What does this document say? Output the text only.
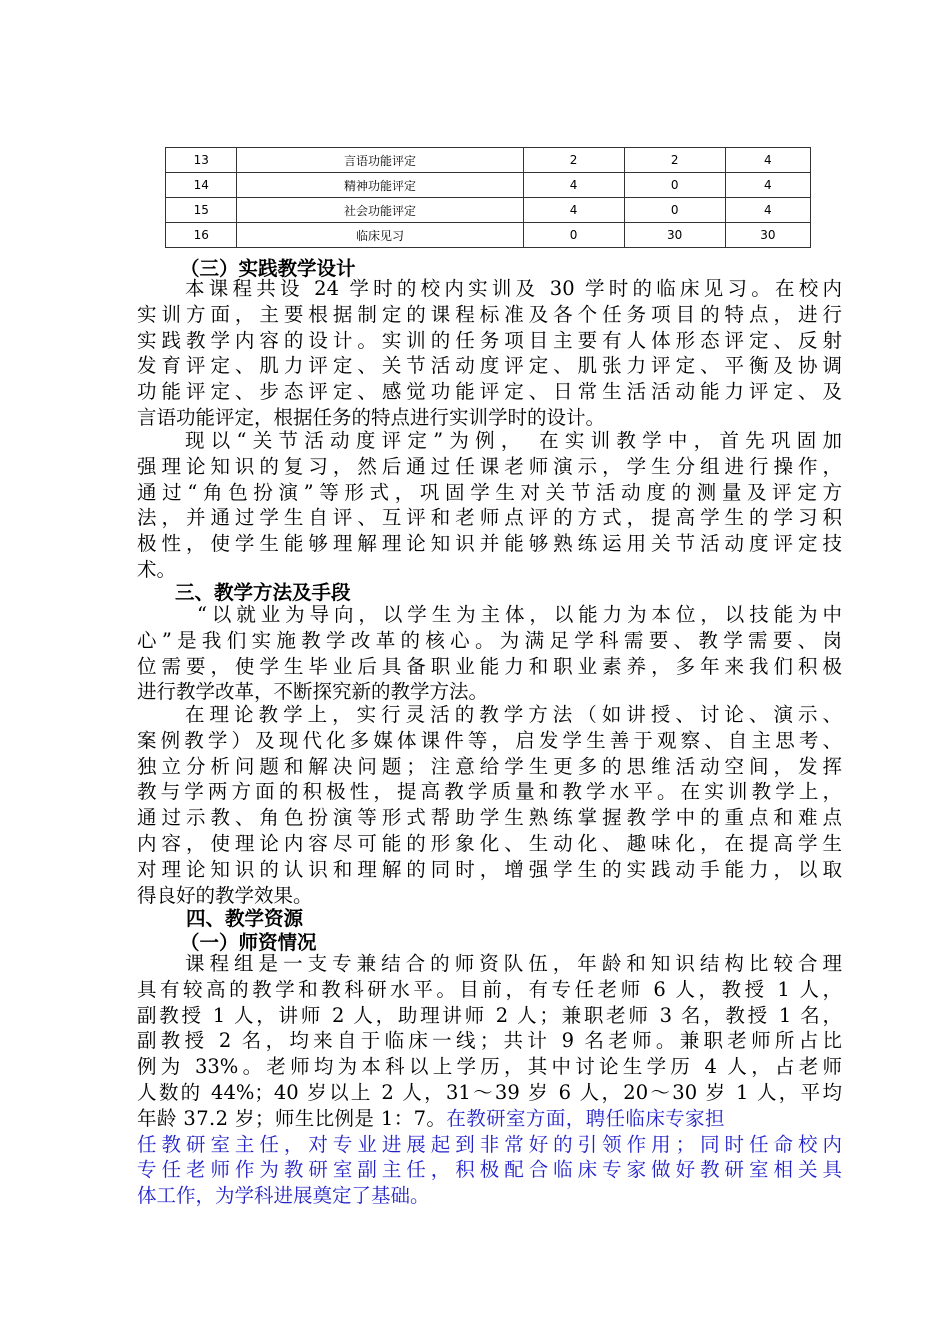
13	言语功能评定	2	2	4
14	精神功能评定	4	0	4
15	社会功能评定	4	0	4
16	临床见习	0	30	30
（三）实践教学设计
本课程共设 24 学时的校内实训及 30 学时的临床见习。在校内
实训方面，主要根据制定的课程标准及各个任务项目的特点，进行
实践教学内容的设计。实训的任务项目主要有人体形态评定、反射
发育评定、肌力评定、关节活动度评定、肌张力评定、平衡及协调
功能评定、步态评定、感觉功能评定、日常生活活动能力评定、及
言语功能评定，根据任务的特点进行实训学时的设计。
现以“关节活动度评定”为例， 在实训教学中，首先巩固加
强理论知识的复习，然后通过任课老师演示，学生分组进行操作，
通过“角色扮演”等形式，巩固学生对关节活动度的测量及评定方
法，并通过学生自评、互评和老师点评的方式，提高学生的学习积
极性，使学生能够理解理论知识并能够熟练运用关节活动度评定技
术。
三、教学方法及手段
“以就业为导向，以学生为主体，以能力为本位，以技能为中
心”是我们实施教学改革的核心。为满足学科需要、教学需要、岗
位需要，使学生毕业后具备职业能力和职业素养，多年来我们积极
进行教学改革，不断探究新的教学方法。
在理论教学上，实行灵活的教学方法（如讲授、讨论、演示、
案例教学）及现代化多媒体课件等，启发学生善于观察、自主思考、
独立分析问题和解决问题；注意给学生更多的思维活动空间，发挥
教与学两方面的积极性，提高教学质量和教学水平。在实训教学上，
通过示教、角色扮演等形式帮助学生熟练掌握教学中的重点和难点
内容，使理论内容尽可能的形象化、生动化、趣味化，在提高学生
对理论知识的认识和理解的同时，增强学生的实践动手能力，以取
得良好的教学效果。
四、教学资源
（一）师资情况
课程组是一支专兼结合的师资队伍，年龄和知识结构比较合理
具有较高的教学和教科研水平。目前，有专任老师 6 人，教授 1 人，
副教授 1 人，讲师 2 人，助理讲师 2 人；兼职老师 3 名，教授 1 名，
副教授 2 名，均来自于临床一线；共计 9 名老师。兼职老师所占比
例为 33%。老师均为本科以上学历，其中讨论生学历 4 人，占老师
人数的 44%；40 岁以上 2 人，31～39 岁 6 人，20～30 岁 1 人，平均
年龄 37.2 岁；师生比例是 1：7。在教研室方面，聘任临床专家担
任教研室主任，对专业进展起到非常好的引领作用；同时任命校内
专任老师作为教研室副主任，积极配合临床专家做好教研室相关具
体工作，为学科进展奠定了基础。
